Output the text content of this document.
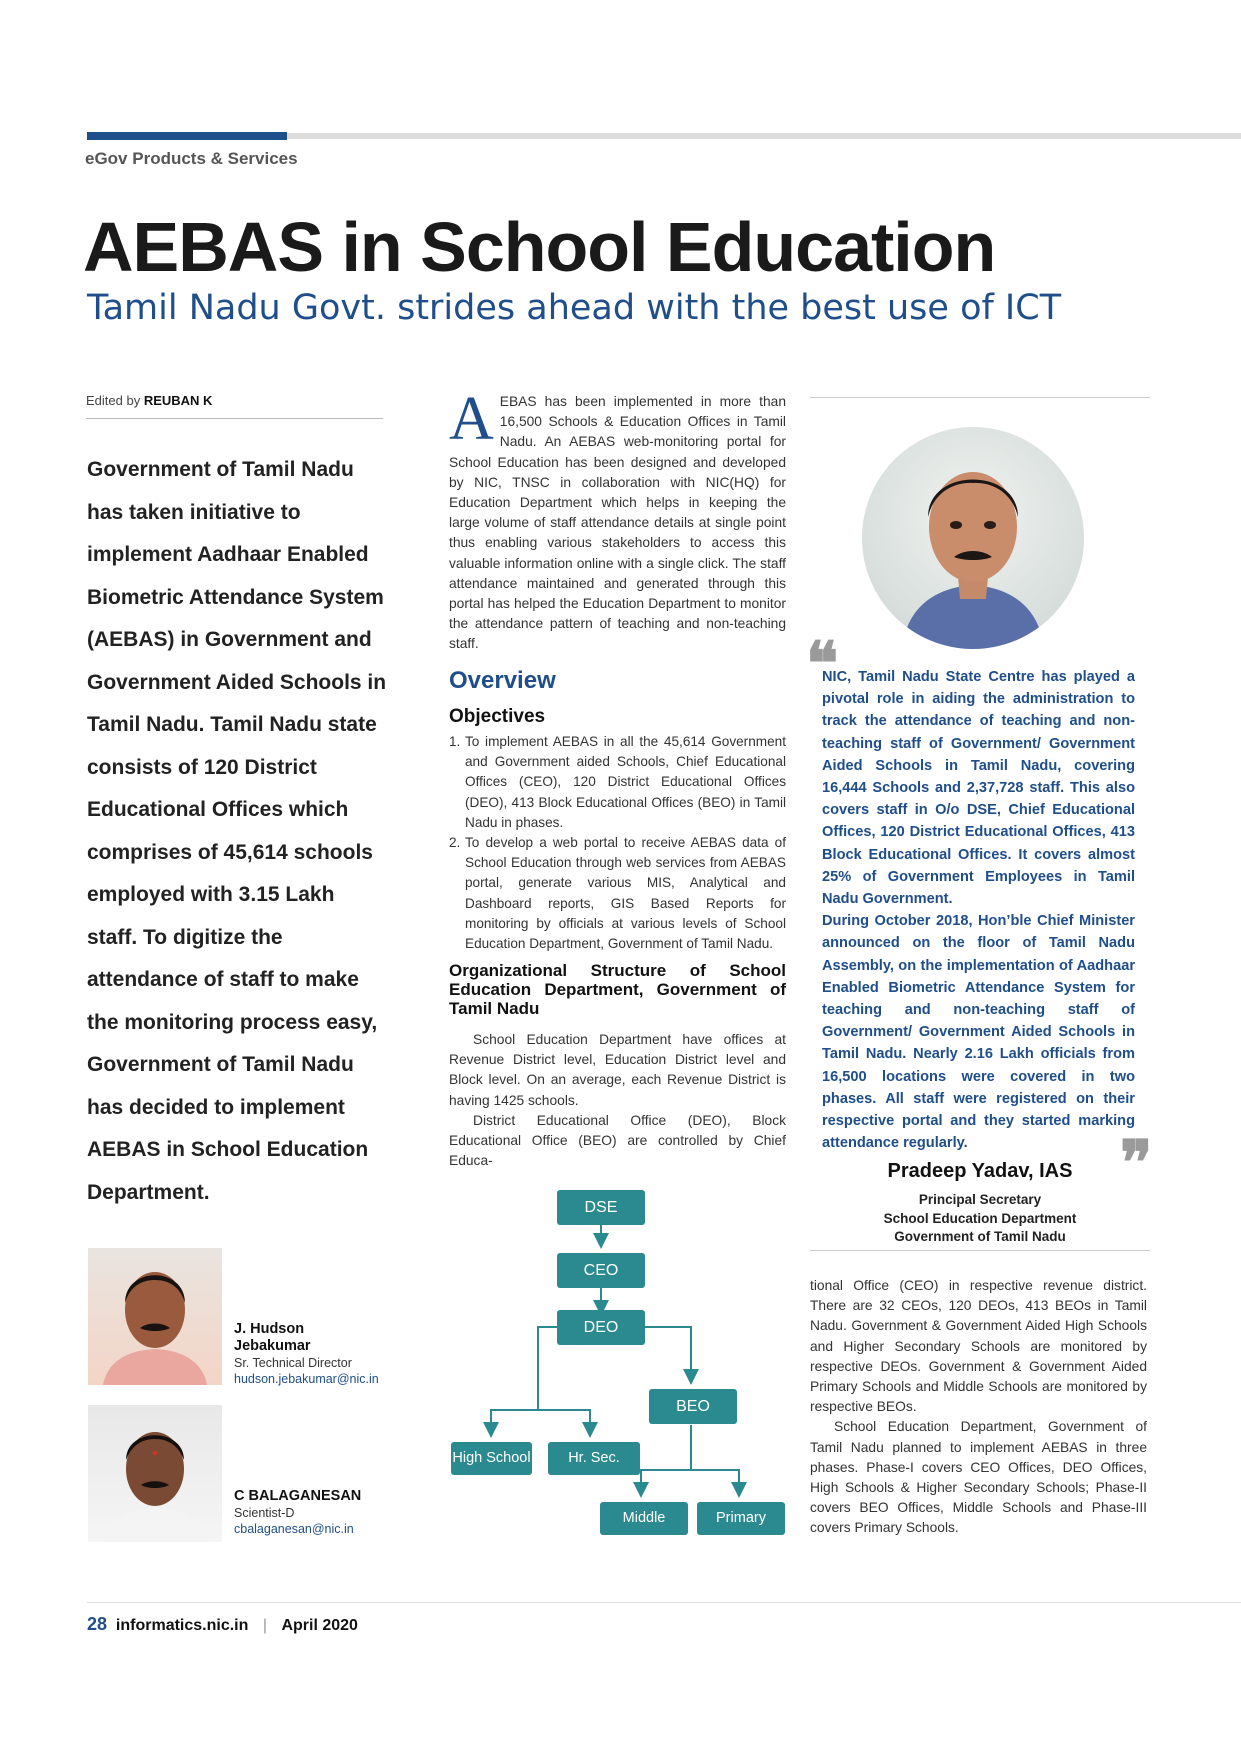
eGov Products & Services
AEBAS in School Education
Tamil Nadu Govt. strides ahead with the best use of ICT
Edited by REUBAN K
Government of Tamil Nadu has taken initiative to implement Aadhaar Enabled Biometric Attendance System (AEBAS) in Government and Government Aided Schools in Tamil Nadu. Tamil Nadu state consists of 120 District Educational Offices which comprises of 45,614 schools employed with 3.15 Lakh staff. To digitize the attendance of staff to make the monitoring process easy, Government of Tamil Nadu has decided to implement AEBAS in School Education Department.
A EBAS has been implemented in more than 16,500 Schools & Education Offices in Tamil Nadu. An AEBAS web-monitoring portal for School Education has been designed and developed by NIC, TNSC in collaboration with NIC(HQ) for Education Department which helps in keeping the large volume of staff attendance details at single point thus enabling various stakeholders to access this valuable information online with a single click. The staff attendance maintained and generated through this portal has helped the Education Department to monitor the attendance pattern of teaching and non-teaching staff.
Overview
Objectives
1. To implement AEBAS in all the 45,614 Government and Government aided Schools, Chief Educational Offices (CEO), 120 District Educational Offices (DEO), 413 Block Educational Offices (BEO) in Tamil Nadu in phases.
2. To develop a web portal to receive AEBAS data of School Education through web services from AEBAS portal, generate various MIS, Analytical and Dashboard reports, GIS Based Reports for monitoring by officials at various levels of School Education Department, Government of Tamil Nadu.
Organizational Structure of School Education Department, Government of Tamil Nadu

School Education Department have offices at Revenue District level, Education District level and Block level. On an average, each Revenue District is having 1425 schools.

District Educational Office (DEO), Block Educational Office (BEO) are controlled by Chief Educa-

❝

NIC, Tamil Nadu State Centre has played a pivotal role in aiding the administration to track the attendance of teaching and non-teaching staff of Government/ Government Aided Schools in Tamil Nadu, covering 16,444 Schools and 2,37,728 staff. This also covers staff in O/o DSE, Chief Educational Offices, 120 District Educational Offices, 413 Block Educational Offices. It covers almost 25% of Government Employees in Tamil Nadu Government.

During October 2018, Hon’ble Chief Minister announced on the floor of Tamil Nadu Assembly, on the implementation of Aadhaar Enabled Biometric Attendance System for teaching and non-teaching staff of Government/ Government Aided Schools in Tamil Nadu. Nearly 2.16 Lakh officials from 16,500 locations were covered in two phases. All staff were registered on their respective portal and they started marking attendance regularly.	❞
Pradeep Yadav, IAS
Principal Secretary
School Education Department
Government of Tamil Nadu

tional Office (CEO) in respective revenue district. There are 32 CEOs, 120 DEOs, 413 BEOs in Tamil Nadu. Government & Government Aided High Schools and Higher Secondary Schools are monitored by respective DEOs. Government & Government Aided Primary Schools and Middle Schools are monitored by respective BEOs.

School Education Department, Government of Tamil Nadu planned to implement AEBAS in three phases. Phase-I covers CEO Offices, DEO Offices, High Schools & Higher Secondary Schools; Phase-II covers BEO Offices, Middle Schools and Phase-III covers Primary Schools.

J. Hudson
Jebakumar
Sr. Technical Director
hudson.jebakumar@nic.in
C BALAGANESAN
Scientist-D
cbalaganesan@nic.in
DSE
CEO
DEO
BEO
High School	Hr. Sec. School
Middle School
Primary School
28 informatics.nic.in | April 2020
